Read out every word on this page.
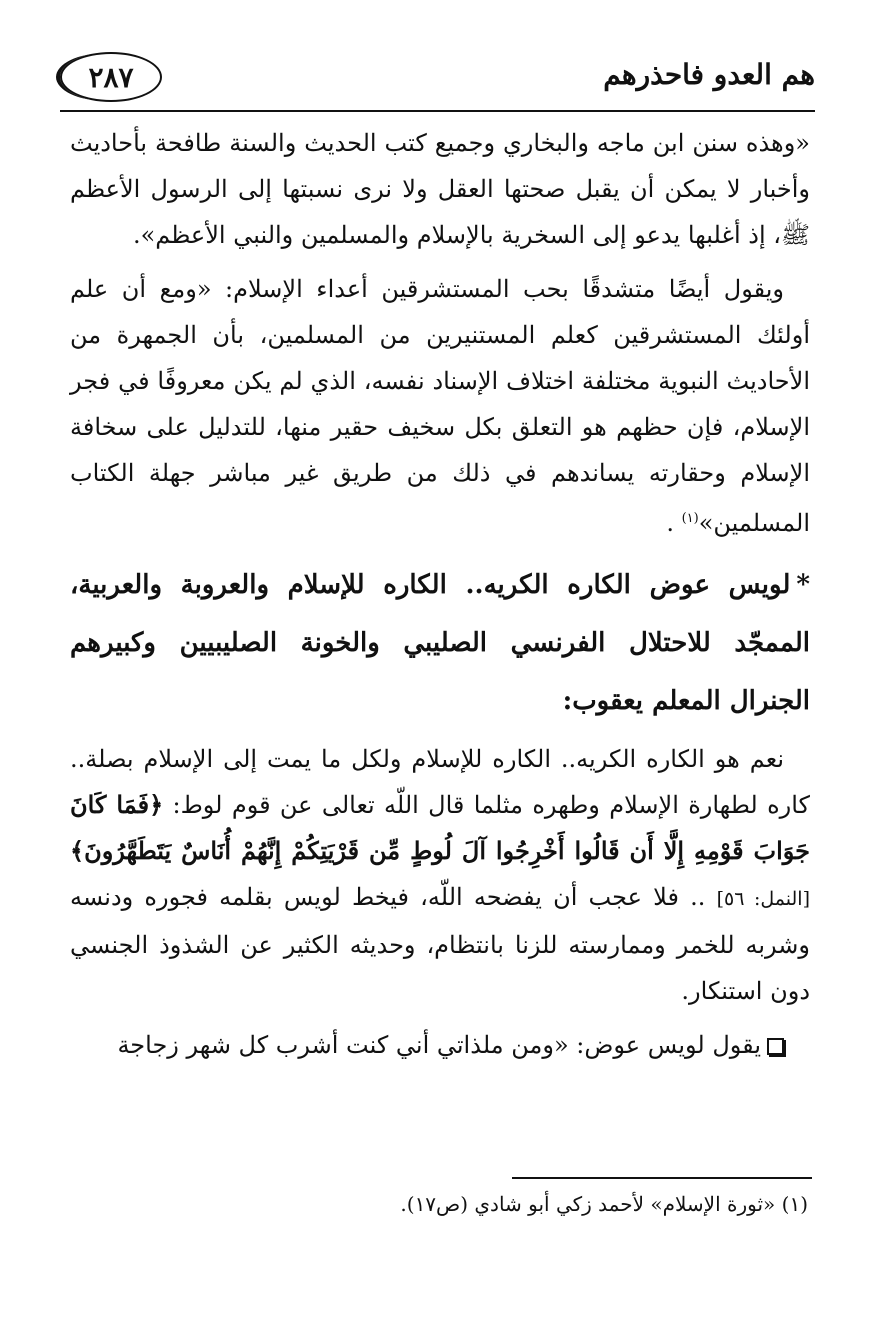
٢٨٧	هم العدو فاحذرهم

«وهذه سنن ابن ماجه والبخاري وجميع كتب الحديث والسنة طافحة بأحاديث وأخبار لا يمكن أن يقبل صحتها العقل ولا نرى نسبتها إلى الرسول الأعظم ﷺ، إذ أغلبها يدعو إلى السخرية بالإسلام والمسلمين والنبي الأعظم».

ويقول أيضًا متشدقًا بحب المستشرقين أعداء الإسلام: «ومع أن علم أولئك المستشرقين كعلم المستنيرين من المسلمين، بأن الجمهرة من الأحاديث النبوية مختلفة اختلاف الإسناد نفسه، الذي لم يكن معروفًا في فجر الإسلام، فإن حظهم هو التعلق بكل سخيف حقير منها، للتدليل على سخافة الإسلام وحقارته يساندهم في ذلك من طريق غير مباشر جهلة الكتاب المسلمين»$^{(١)}$ .

*لويس عوض الكاره الكريه.. الكاره للإسلام والعروبة والعربية، الممجّد للاحتلال الفرنسي الصليبي والخونة الصليبيين وكبيرهم الجنرال المعلم يعقوب:

نعم هو الكاره الكريه.. الكاره للإسلام ولكل ما يمت إلى الإسلام بصلة.. كاره لطهارة الإسلام وطهره مثلما قال اللّه تعالى عن قوم لوط: ﴿فَمَا كَانَ جَوَابَ قَوْمِهِ إِلَّا أَن قَالُوا أَخْرِجُوا آلَ لُوطٍ مِّن قَرْيَتِكُمْ إِنَّهُمْ أُنَاسٌ يَتَطَهَّرُونَ﴾ [النمل: ٥٦] .. فلا عجب أن يفضحه اللّه، فيخط لويس بقلمه فجوره ودنسه وشربه للخمر وممارسته للزنا بانتظام، وحديثه الكثير عن الشذوذ الجنسي دون استنكار.

يقول لويس عوض: «ومن ملذاتي أني كنت أشرب كل شهر زجاجة

(١) «ثورة الإسلام» لأحمد زكي أبو شادي (ص١٧).
